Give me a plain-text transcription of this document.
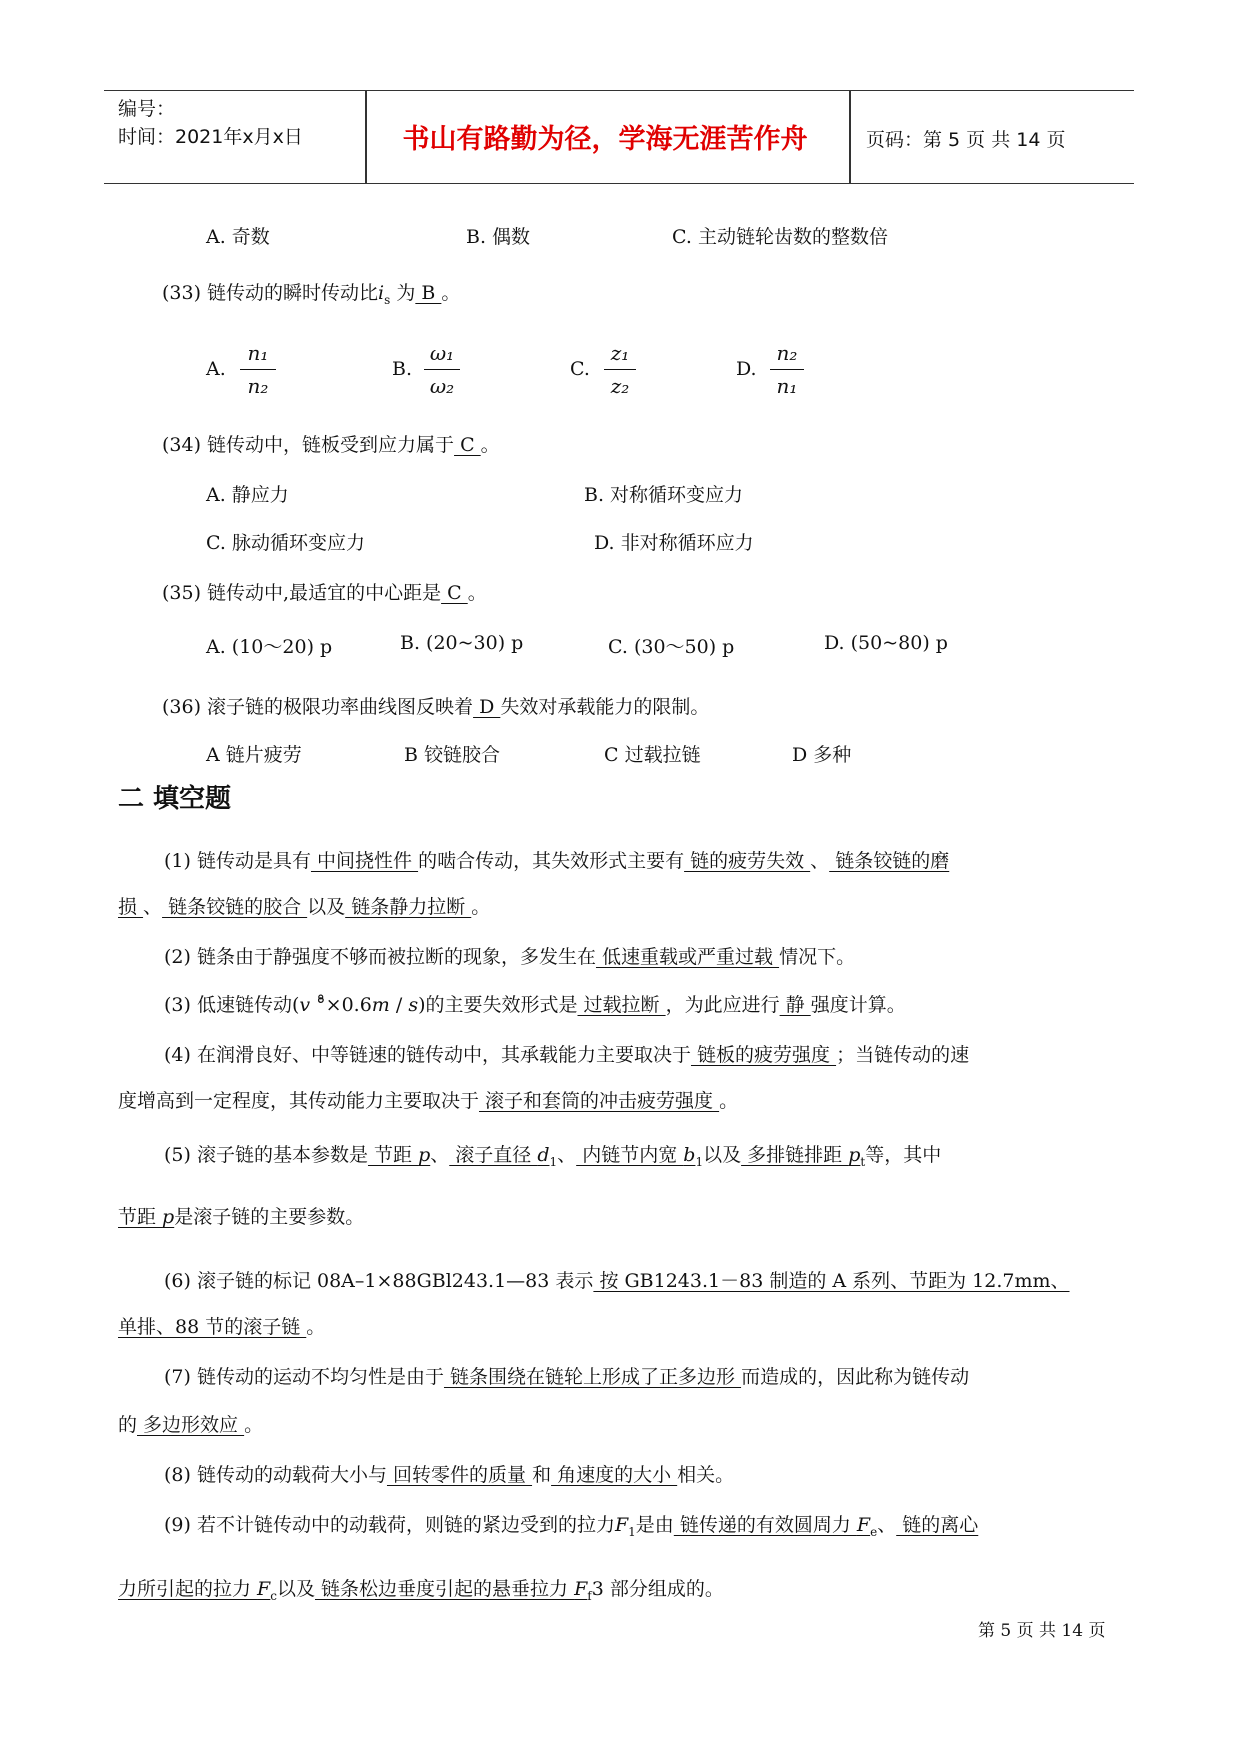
编号：
时间：2021年x月x日	书山有路勤为径，学海无涯苦作舟	页码：第 5 页 共 14 页
A. 奇数	B. 偶数	C. 主动链轮齿数的整数倍
(33) 链传动的瞬时传动比$i_s$ 为 B 。
A.
n₁
n₂
B.
ω₁
ω₂
C.
z₁
z₂
D.
n₂
n₁
(34) 链传动中，链板受到应力属于 C 。
A. 静应力	B. 对称循环变应力
C. 脉动循环变应力	D. 非对称循环应力
(35) 链传动中,最适宜的中心距是 C 。
A. (10～20) p	B. (20~30) p	C. (30～50) p	D. (50~80) p
(36) 滚子链的极限功率曲线图反映着 D 失效对承载能力的限制。
A 链片疲劳	B 铰链胶合	C 过载拉链	D 多种
二 填空题
(1) 链传动是具有 中间挠性件 的啮合传动，其失效形式主要有 链的疲劳失效 、 链条铰链的磨
损 、 链条铰链的胶合 以及 链条静力拉断 。
(2) 链条由于静强度不够而被拉断的现象，多发生在 低速重载或严重过载 情况下。
(3) 低速链传动(v °̊×0.6m / s)的主要失效形式是 过载拉断 ，为此应进行 静 强度计算。
(4) 在润滑良好、中等链速的链传动中，其承载能力主要取决于 链板的疲劳强度 ；当链传动的速
度增高到一定程度，其传动能力主要取决于 滚子和套筒的冲击疲劳强度 。
(5) 滚子链的基本参数是 节距 p、 滚子直径 $d_1$、 内链节内宽 $b_1$以及 多排链排距 $p_t$等，其中
节距 p是滚子链的主要参数。
(6) 滚子链的标记 08A–1×88GBl243.1—83 表示 按 GB1243.1－83 制造的 A 系列、节距为 12.7mm、
单排、88 节的滚子链 。
(7) 链传动的运动不均匀性是由于 链条围绕在链轮上形成了正多边形 而造成的，因此称为链传动
的 多边形效应 。
(8) 链传动的动载荷大小与 回转零件的质量 和 角速度的大小 相关。
(9) 若不计链传动中的动载荷，则链的紧边受到的拉力$F_1$是由 链传递的有效圆周力 $F_e$、 链的离心
力所引起的拉力 $F_c$以及 链条松边垂度引起的悬垂拉力 $F_f3$ 部分组成的。
第 5 页 共 14 页
